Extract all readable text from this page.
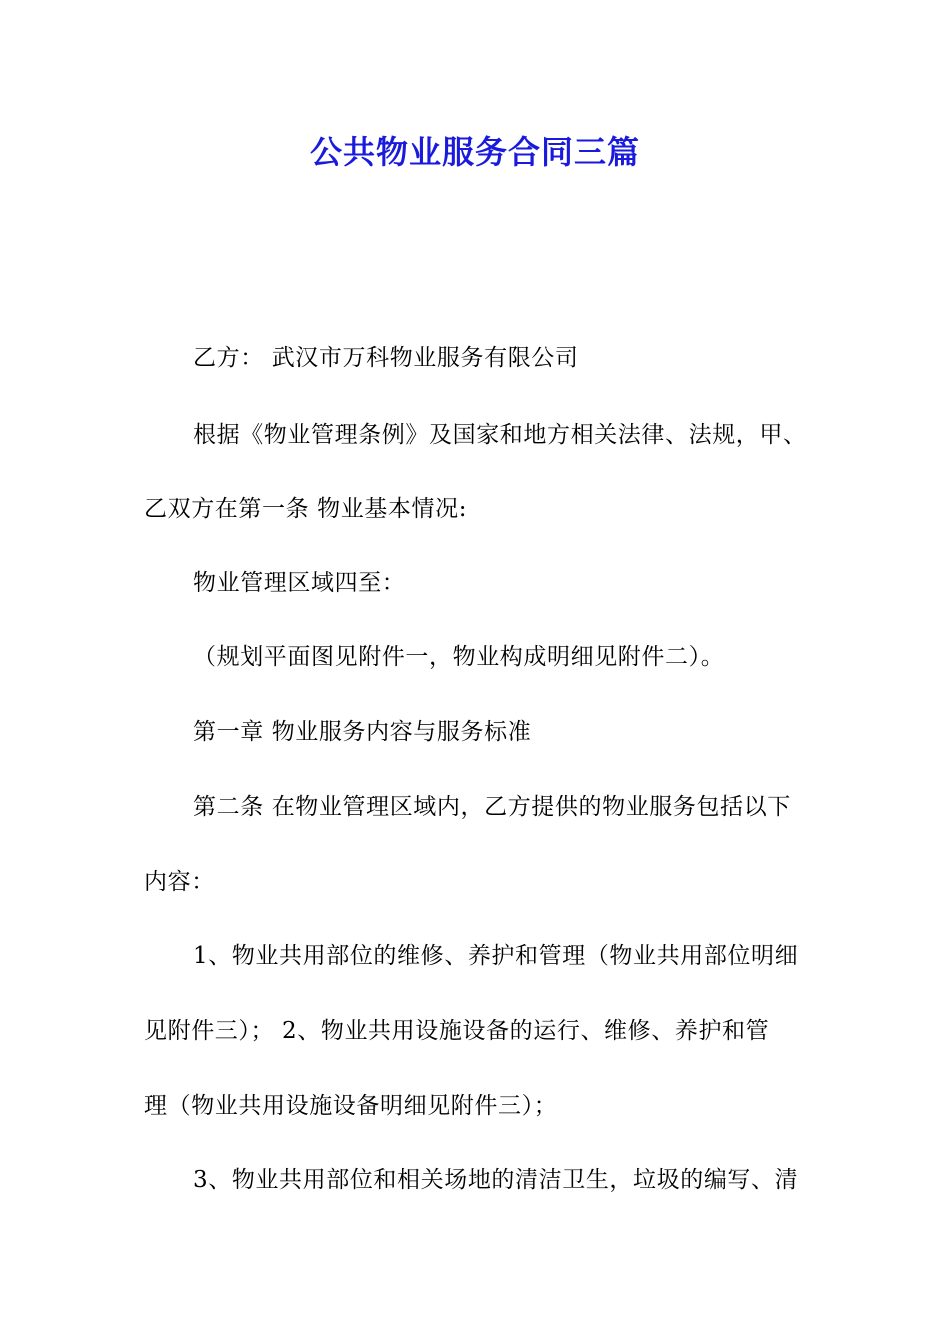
公共物业服务合同三篇
乙方： 武汉市万科物业服务有限公司
根据《物业管理条例》及国家和地方相关法律、法规，甲、
乙双方在第一条 物业基本情况:
物业管理区域四至：
（规划平面图见附件一，物业构成明细见附件二）。
第一章 物业服务内容与服务标准
第二条 在物业管理区域内，乙方提供的物业服务包括以下
内容：
1、物业共用部位的维修、养护和管理（物业共用部位明细
见附件三）； 2、物业共用设施设备的运行、维修、养护和管
理（物业共用设施设备明细见附件三）；
3、物业共用部位和相关场地的清洁卫生，垃圾的编写、清
